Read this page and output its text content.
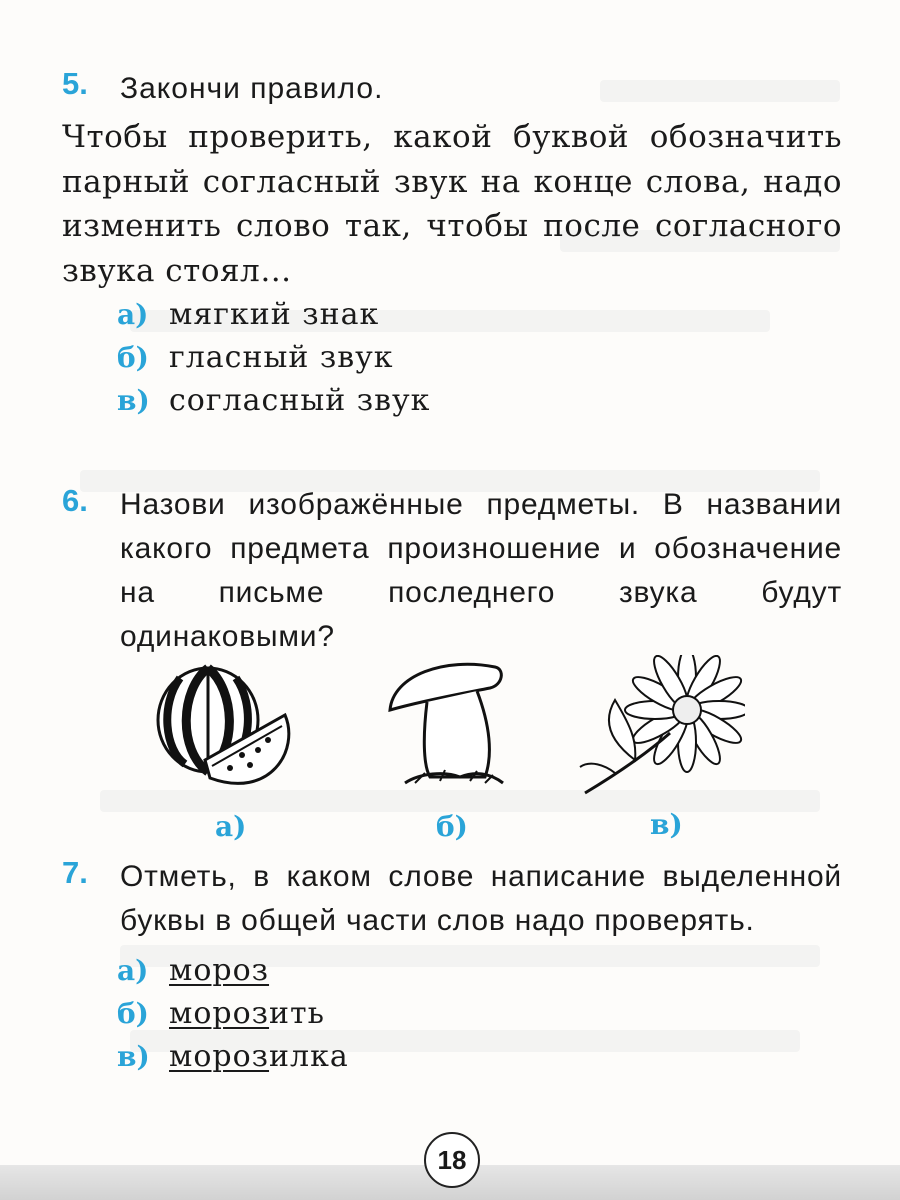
5. Закончи правило.
Чтобы проверить, какой буквой обозначить парный согласный звук на конце слова, надо изменить слово так, чтобы после согласного звука стоял…
а) мягкий знак
б) гласный звук
в) согласный звук
6. Назови изображённые предметы. В названии какого предмета произношение и обозначение на письме последнего звука будут одинаковыми?
а)	б)	в)
7. Отметь, в каком слове написание выделенной буквы в общей части слов надо проверять.
а) мороз
б) морозить
в) морозилка
18
